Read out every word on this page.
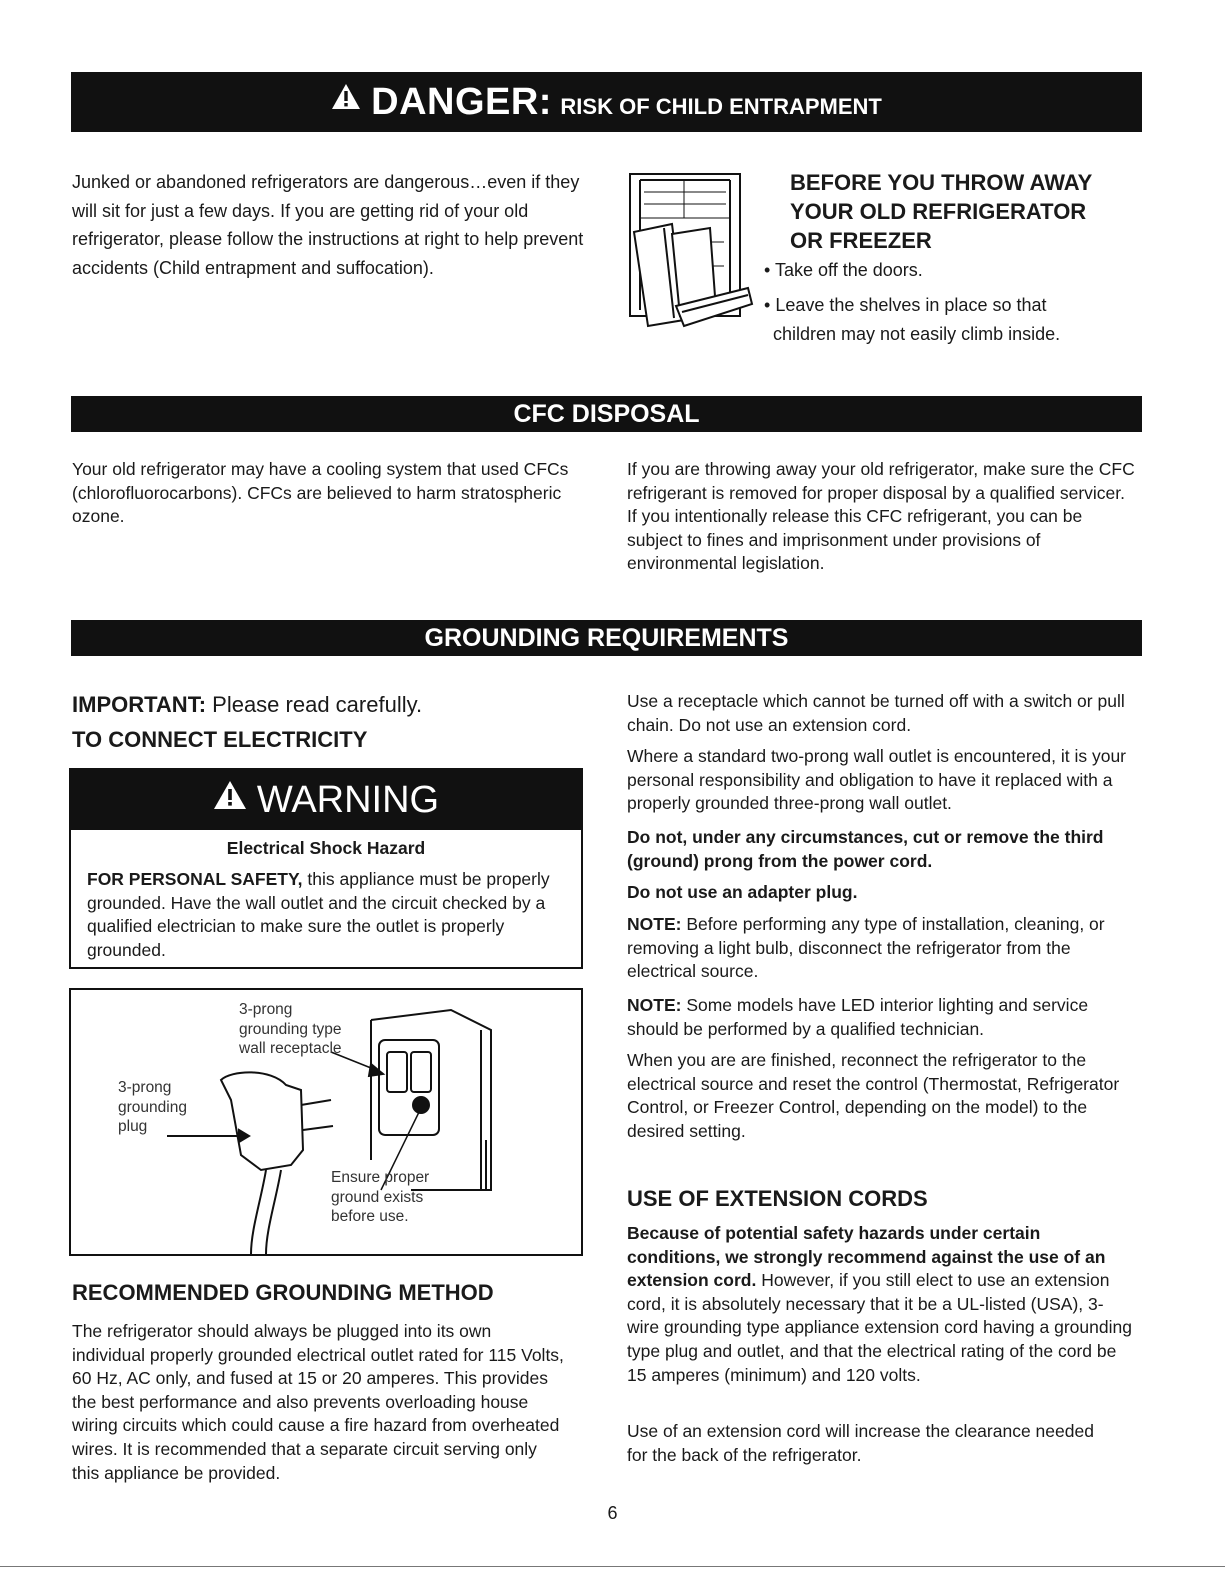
DANGER: RISK OF CHILD ENTRAPMENT

Junked or abandoned refrigerators are dangerous…even if they will sit for just a few days. If you are getting rid of your old refrigerator, please follow the instructions at right to help prevent accidents (Child entrapment and suffocation).

BEFORE YOU THROW AWAY
YOUR OLD REFRIGERATOR
OR FREEZER

• Take off the doors.

• Leave the shelves in place so that
children may not easily climb inside.

CFC DISPOSAL

Your old refrigerator may have a cooling system that used CFCs (chlorofluorocarbons). CFCs are believed to harm stratospheric ozone.

If you are throwing away your old refrigerator, make sure the CFC refrigerant is removed for proper disposal by a qualified servicer. If you intentionally release this CFC refrigerant, you can be subject to fines and imprisonment under provisions of environmental legislation.

GROUNDING REQUIREMENTS

IMPORTANT: Please read carefully.

TO CONNECT ELECTRICITY
WARNING
Electrical Shock Hazard

FOR PERSONAL SAFETY, this appliance must be properly grounded. Have the wall outlet and the circuit checked by a qualified electrician to make sure the outlet is properly grounded.

3-prong
grounding type
wall receptacle
3-prong
grounding
plug
Ensure proper
ground exists
before use.
RECOMMENDED GROUNDING METHOD

The refrigerator should always be plugged into its own individual properly grounded electrical outlet rated for 115 Volts, 60 Hz, AC only, and fused at 15 or 20 amperes. This provides the best performance and also prevents overloading house wiring circuits which could cause a fire hazard from overheated wires. It is recommended that a separate circuit serving only this appliance be provided.

Use a receptacle which cannot be turned off with a switch or pull chain. Do not use an extension cord.

Where a standard two-prong wall outlet is encountered, it is your personal responsibility and obligation to have it replaced with a properly grounded three-prong wall outlet.

Do not, under any circumstances, cut or remove the third (ground) prong from the power cord.

Do not use an adapter plug.

NOTE: Before performing any type of installation, cleaning, or removing a light bulb, disconnect the refrigerator from the electrical source.

NOTE: Some models have LED interior lighting and service should be performed by a qualified technician.

When you are are finished, reconnect the refrigerator to the electrical source and reset the control (Thermostat, Refrigerator Control, or Freezer Control, depending on the model) to the desired setting.

USE OF EXTENSION CORDS

Because of potential safety hazards under certain conditions, we strongly recommend against the use of an extension cord. However, if you still elect to use an extension cord, it is absolutely necessary that it be a UL-listed (USA), 3-wire grounding type appliance extension cord having a grounding type plug and outlet, and that the electrical rating of the cord be 15 amperes (minimum) and 120 volts.

Use of an extension cord will increase the clearance needed for the back of the refrigerator.

6
